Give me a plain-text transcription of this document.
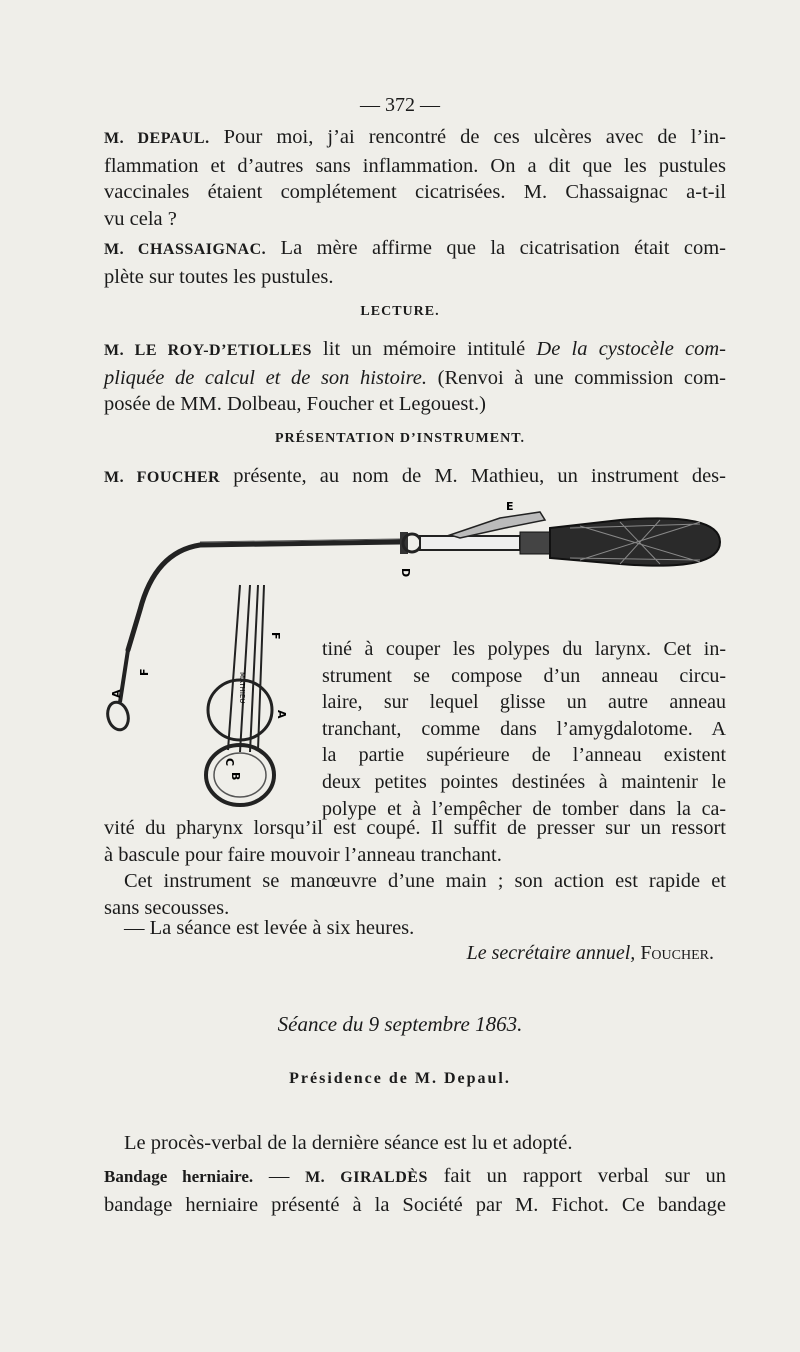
— 372 —
M. DEPAUL. Pour moi, j’ai rencontré de ces ulcères avec de l’in-
flammation et d’autres sans inflammation. On a dit que les pustules
vaccinales étaient complétement cicatrisées. M. Chassaignac a-t-il
vu cela ?
M. CHASSAIGNAC. La mère affirme que la cicatrisation était com-
plète sur toutes les pustules.
LECTURE.
M. LE ROY-D’ETIOLLES lit un mémoire intitulé De la cystocèle com-
pliquée de calcul et de son histoire. (Renvoi à une commission com-
posée de MM. Dolbeau, Foucher et Legouest.)
PRÉSENTATION D’INSTRUMENT.
M. FOUCHER présente, au nom de M. Mathieu, un instrument des-
E
D
F
A	MATHIEU
F
A
C
B
tiné à couper les polypes du larynx. Cet in-
strument se compose d’un anneau circu-
laire, sur lequel glisse un autre anneau
tranchant, comme dans l’amygdalotome. A
la partie supérieure de l’anneau existent
deux petites pointes destinées à maintenir le
polype et à l’empêcher de tomber dans la ca-
vité du pharynx lorsqu’il est coupé. Il suffit de presser sur un ressort
à bascule pour faire mouvoir l’anneau tranchant.
Cet instrument se manœuvre d’une main ; son action est rapide et
sans secousses.
— La séance est levée à six heures.
Le secrétaire annuel, Foucher.
Séance du 9 septembre 1863.
Présidence de M. Depaul.
Le procès-verbal de la dernière séance est lu et adopté.
Bandage herniaire. — M. GIRALDÈS fait un rapport verbal sur un
bandage herniaire présenté à la Société par M. Fichot. Ce bandage
